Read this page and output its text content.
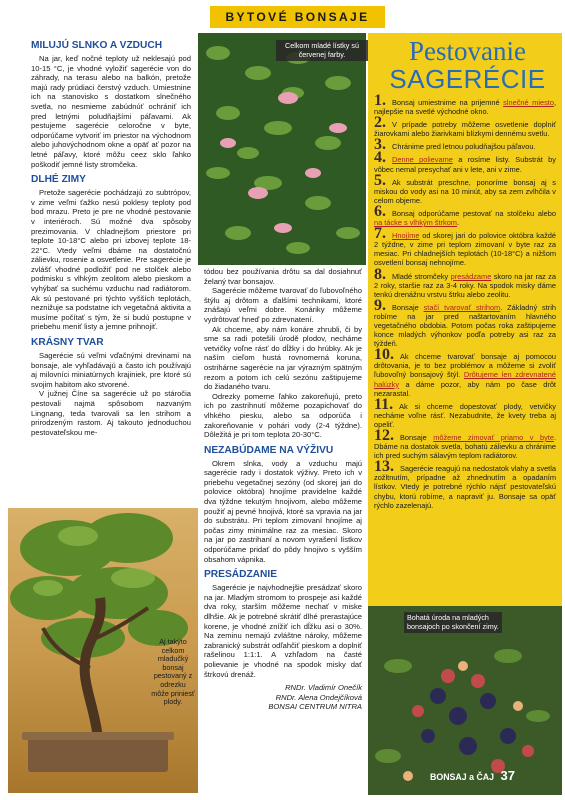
BYTOVÉ BONSAJE
MILUJÚ SLNKO A VZDUCH

Na jar, keď nočné teploty už neklesajú pod 10-15 °C, je vhodné vyložiť sagerécie von do záhrady, na terasu alebo na balkón, pretože majú rady prúdiaci čerstvý vzduch. Umiestnine ich na stanovisko s dostatkom slnečného svetla, no nesmieme zabúdnúť ochrániť ich pred letnými poludňajšími páľavami. Ak pestujeme sagerécie celoročne v byte, odporúčame vytvoriť im priestor na východnom alebo juhovýchodnom okne a opäť ať pozor na letné páľavy, ktoré môžu ceez sklo ľahko poškodiť jemné listy stromčeka.

DLHÉ ZIMY

Pretože sagerécie pochádzajú zo subtrópov, v zime veľmi ťažko nesú poklesy teploty pod bod mrazu. Preto je pre ne vhodné pestovanie v interiéroch. Sú možné dva spôsoby prezimovania. V chladnejšom priestore pri teplote 10-18°C alebo pri izbovej teplote 18-22°C. Vtedy veľmi dbáme na dostatočnú zálievku, rosenie a osvetlenie. Pre sagerécie je zvlášť vhodné podložiť pod ne stolček alebo podmisku s vlhkým zeolitom alebo pieskom a vyhýbať sa suchému vzduchu nad radiátorom. Ak sú pestované pri týchto vyšších teplotách, neznižuje sa podstatne ich vegetačná aktivita a musíme počítať s tým, že si budú postupne v priebehu meniť listy a jemne prihnojiť.

KRÁSNY TVAR

Sagerécie sú veľmi vďačnými drevinami na bonsaje, ale vyhľadávajú a často ich používajú aj milovníci miniatúrnych krajiniek, pre ktoré sú svojim habitom ako stvorené.

V južnej Číne sa sagerécie už po stáročia pestovali najmä spôsobom nazvaným Lingnang, teda tvarovali sa len strihom a prirodzeným rastom. Aj takouto jednoduchou pestovateľskou me-

Aj takýto celkom mladučký bonsaj pestovaný z odrezku môže priniesť plody.
Celkom mladé lístky sú červenej farby.

tódou bez používania drôtu sa dal dosiahnuť želaný tvar bonsajov.

Sagerécie môžeme tvarovať do ľubovoľného štýlu aj drôtom a ďalšími technikami, ktoré znášajú veľmi dobre. Konáriky môžeme vydrôtovať hneď po zdrevnatení.

Ak chceme, aby nám konáre zhrubli, či by sme sa radi potešili úrodě plodov, necháme vetvičky voľne rásť do dĺžky i do hrúbky. Ak je naším cieľom hustá rovnomerná koruna, ostrihárne sagerécie na jar výrazným spätným rezom a potom ich celú sezónu zaštipujeme do žiadaného tvaru.

Odrezky pomerne ľahko zakoreňujú, preto ich po zastrihnutí môžeme pozapichovať do vlhkého piesku, alebo sa odporúča i zakoreňovanie v pohári vody (2-4 týždne). Dôležitá je pri tom teplota 20-30°C.

NEZABÚDAME NA VÝŽIVU

Okrem slnka, vody a vzduchu majú sagerécie rady i dostatok výživy. Preto ich v priebehu vegetačnej sezóny (od skorej jari do polovice októbra) hnojíme pravidelne každé dva týždne tekutým hnojivom, alebo môžeme použiť aj pevné hnojivá, ktoré sa vpravia na jar do substrátu. Pri teplom zimovaní hnojíme aj počas zimy minimálne raz za mesiac. Skoro na jar po zastrihaní a novom vyrašení lístkov odporúčame pridať do pôdy hnojivo s vyšším obsahom vápnika.

PRESÁDZANIE

Sagerécie je najvhodnejšie presádzať skoro na jar. Mladým stromom to prospeje asi každé dva roky, starším môžeme nechať v miske dlhšie. Ak je potrebné skrátiť dlhé prerastajúce korene, je vhodné znížiť ich dĺžku asi o 30%. Na zeminu nemajú zvláštne nároky, môžeme zabranický substrát odľahčiť pieskom a doplniť rašelinou 1:1:1. A vzhľadom na časté polievanie je vhodné na spodok misky dať štrkovú drenáž.

RNDr. Vladimír Onečík
RNDr. Alena Ondejčíková
BONSAI CENTRUM NITRA
Pestovanie
SAGERÉCIE
1. Bonsaj umiestnime na prijemné slnečné miesto, najlepšie na svetlé východné okno.
2. V prípade potreby môžeme osvetlenie doplniť žiarovkami alebo žiarivkami blízkymi dennému svetlu.
3. Chránime pred letnou poludňajšou páľavou.
4. Denne polievame a rosíme listy. Substrát by vôbec nemal presychať ani v lete, ani v zime.
5. Ak substrát preschne, ponoríme bonsaj aj s miskou do vody asi na 10 minút, aby sa zem zvlhčila v celom objeme.
6. Bonsaj odporúčame pestovať na stolčeku alebo na tácke s vlhkým štrkom.
7. Hnojíme od skorej jari do polovice októbra každé 2 týždne, v zime pri teplom zimovaní v byte raz za mesiac. Pri chladnejších teplotách (10-18°C) a nižšom osvetlení bonsaj nehnojíme.
8. Mladé stromčeky presádzame skoro na jar raz za 2 roky, staršie raz za 3-4 roky. Na spodok misky dáme tenkú drenážnu vrstvu štrku alebo zeolitu.
9. Bonsaje stačí tvarovať strihom. Základný strih robíme na jar pred naštartovaním hlavného vegetačného obdobia. Potom počas roka zaštipujeme konce mladých výhonkov podľa potreby asi raz za týždeň.
10. Ak chceme tvarovať bonsaje aj pomocou drôtovania, je to bez problémov a môžeme si zvoliť ľubovoľný bonsajový štýl. Drôtujeme len zdrevnatené halúzky a dáme pozor, aby nám po čase drôt nezarastal.
11. Ak si chceme dopestovať plody, vetvičky necháme voľne rásť. Nezabudnite, že kvety treba aj opeliť.
12. Bonsaje môžeme zimovať priamo v byte. Dbáme na dostatok svetla, bohatú zálievku a chránime ich pred suchým sálavým teplom radiátorov.
13. Sagerécie reagujú na nedostatok vlahy a svetla zožltnutím, prípadne až zhnednutím a opadaním lístkov. Vtedy je potrebné rýchlo nájsť pestovateľskú chybu, ktorú robíme, a napraviť ju. Bonsaje sa opäť rýchlo zazelenajú.
Bohatá úroda na mladých bonsajoch po skončení zimy.
BONSAJ a ČAJ 37
